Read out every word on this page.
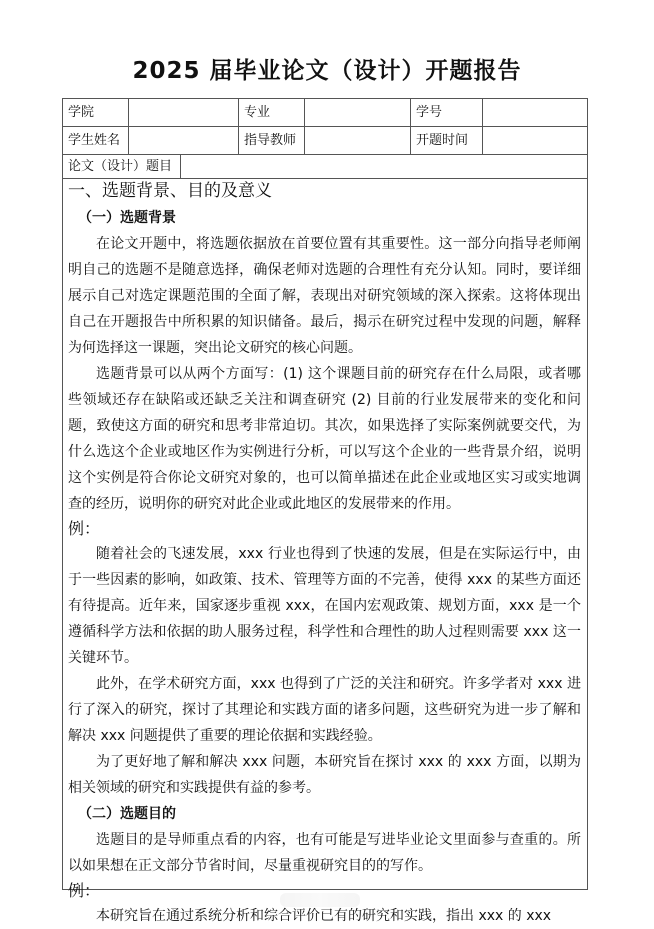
2025 届毕业论文（设计）开题报告
学院	专业	学号
学生姓名	指导教师	开题时间
论文（设计）题目

一、选题背景、目的及意义

（一）选题背景

在论文开题中，将选题依据放在首要位置有其重要性。这一部分向指导老师阐明自己的选题不是随意选择，确保老师对选题的合理性有充分认知。同时，要详细展示自己对选定课题范围的全面了解，表现出对研究领域的深入探索。这将体现出自己在开题报告中所积累的知识储备。最后，揭示在研究过程中发现的问题，解释为何选择这一课题，突出论文研究的核心问题。

选题背景可以从两个方面写：(1) 这个课题目前的研究存在什么局限，或者哪些领域还存在缺陷或还缺乏关注和调查研究 (2) 目前的行业发展带来的变化和问题，致使这方面的研究和思考非常迫切。其次，如果选择了实际案例就要交代，为什么选这个企业或地区作为实例进行分析，可以写这个企业的一些背景介绍，说明这个实例是符合你论文研究对象的，也可以简单描述在此企业或地区实习或实地调查的经历，说明你的研究对此企业或此地区的发展带来的作用。

例：

随着社会的飞速发展，xxx 行业也得到了快速的发展，但是在实际运行中，由于一些因素的影响，如政策、技术、管理等方面的不完善，使得 xxx 的某些方面还有待提高。近年来，国家逐步重视 xxx，在国内宏观政策、规划方面，xxx 是一个遵循科学方法和依据的助人服务过程，科学性和合理性的助人过程则需要 xxx 这一关键环节。

此外，在学术研究方面，xxx 也得到了广泛的关注和研究。许多学者对 xxx 进行了深入的研究，探讨了其理论和实践方面的诸多问题，这些研究为进一步了解和解决 xxx 问题提供了重要的理论依据和实践经验。

为了更好地了解和解决 xxx 问题，本研究旨在探讨 xxx 的 xxx 方面，以期为相关领域的研究和实践提供有益的参考。

（二）选题目的

选题目的是导师重点看的内容，也有可能是写进毕业论文里面参与查重的。所以如果想在正文部分节省时间，尽量重视研究目的的写作。

例：

本研究旨在通过系统分析和综合评价已有的研究和实践，指出 xxx 的 xxx
